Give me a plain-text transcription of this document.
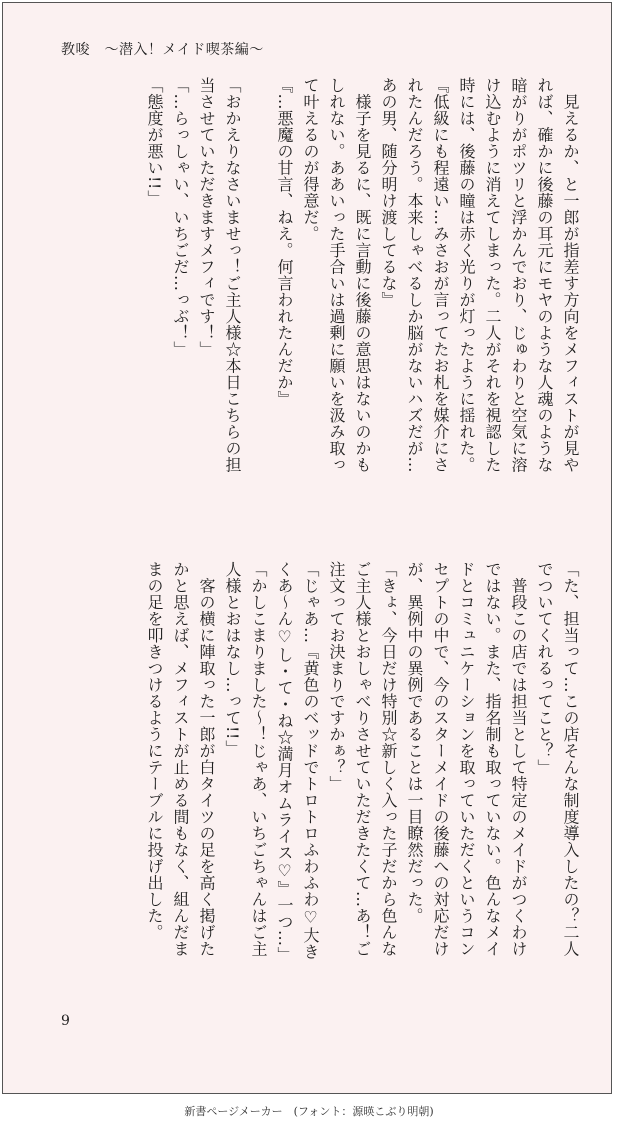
教唆　〜潜入！メイド喫茶編〜
　見えるか、と一郎が指差す方向をメフィストが見や
れば、確かに後藤の耳元にモヤのような人魂のような
暗がりがポツリと浮かんでおり、じゅわりと空気に溶
け込むように消えてしまった。二人がそれを視認した
時には、後藤の瞳は赤く光りが灯ったように揺れた。
『低級にも程遠い…みさおが言ってたお札を媒介にさ
れたんだろう。本来しゃべるしか脳がないハズだが…
あの男、随分明け渡してるな』
　様子を見るに、既に言動に後藤の意思はないのかも
しれない。ああいった手合いは過剰に願いを汲み取っ
て叶えるのが得意だ。
『…悪魔の甘言、ねえ。何言われたんだか』

「おかえりなさいませっ！ご主人様☆本日こちらの担
当させていただきますメフィです！」
「…らっしゃい、いちごだ…っぶ！」
「態度が悪い!!」
「た、担当って…この店そんな制度導入したの？二人
でついてくれるってこと？」
　普段この店では担当として特定のメイドがつくわけ
ではない。また、指名制も取っていない。色んなメイ
ドとコミュニケーションを取っていただくというコン
セプトの中で、今のスターメイドの後藤への対応だけ
が、異例中の異例であることは一目瞭然だった。
「きょ、今日だけ特別☆新しく入った子だから色んな
ご主人様とおしゃべりさせていただきたくて…あ！ご
注文ってお決まりですかぁ？」
「じゃあ…『黄色のベッドでトロトロふわふわ♡大き
くあ〜ん♡し・て・ね☆満月オムライス♡』一つ…」
「かしこまりました〜！じゃあ、いちごちゃんはご主
人様とおはなし…って!!」
　客の横に陣取った一郎が白タイツの足を高く掲げた
かと思えば、メフィストが止める間もなく、組んだま
まの足を叩きつけるようにテーブルに投げ出した。
9
新書ページメーカー　(フォント：源暎こぶり明朝)
